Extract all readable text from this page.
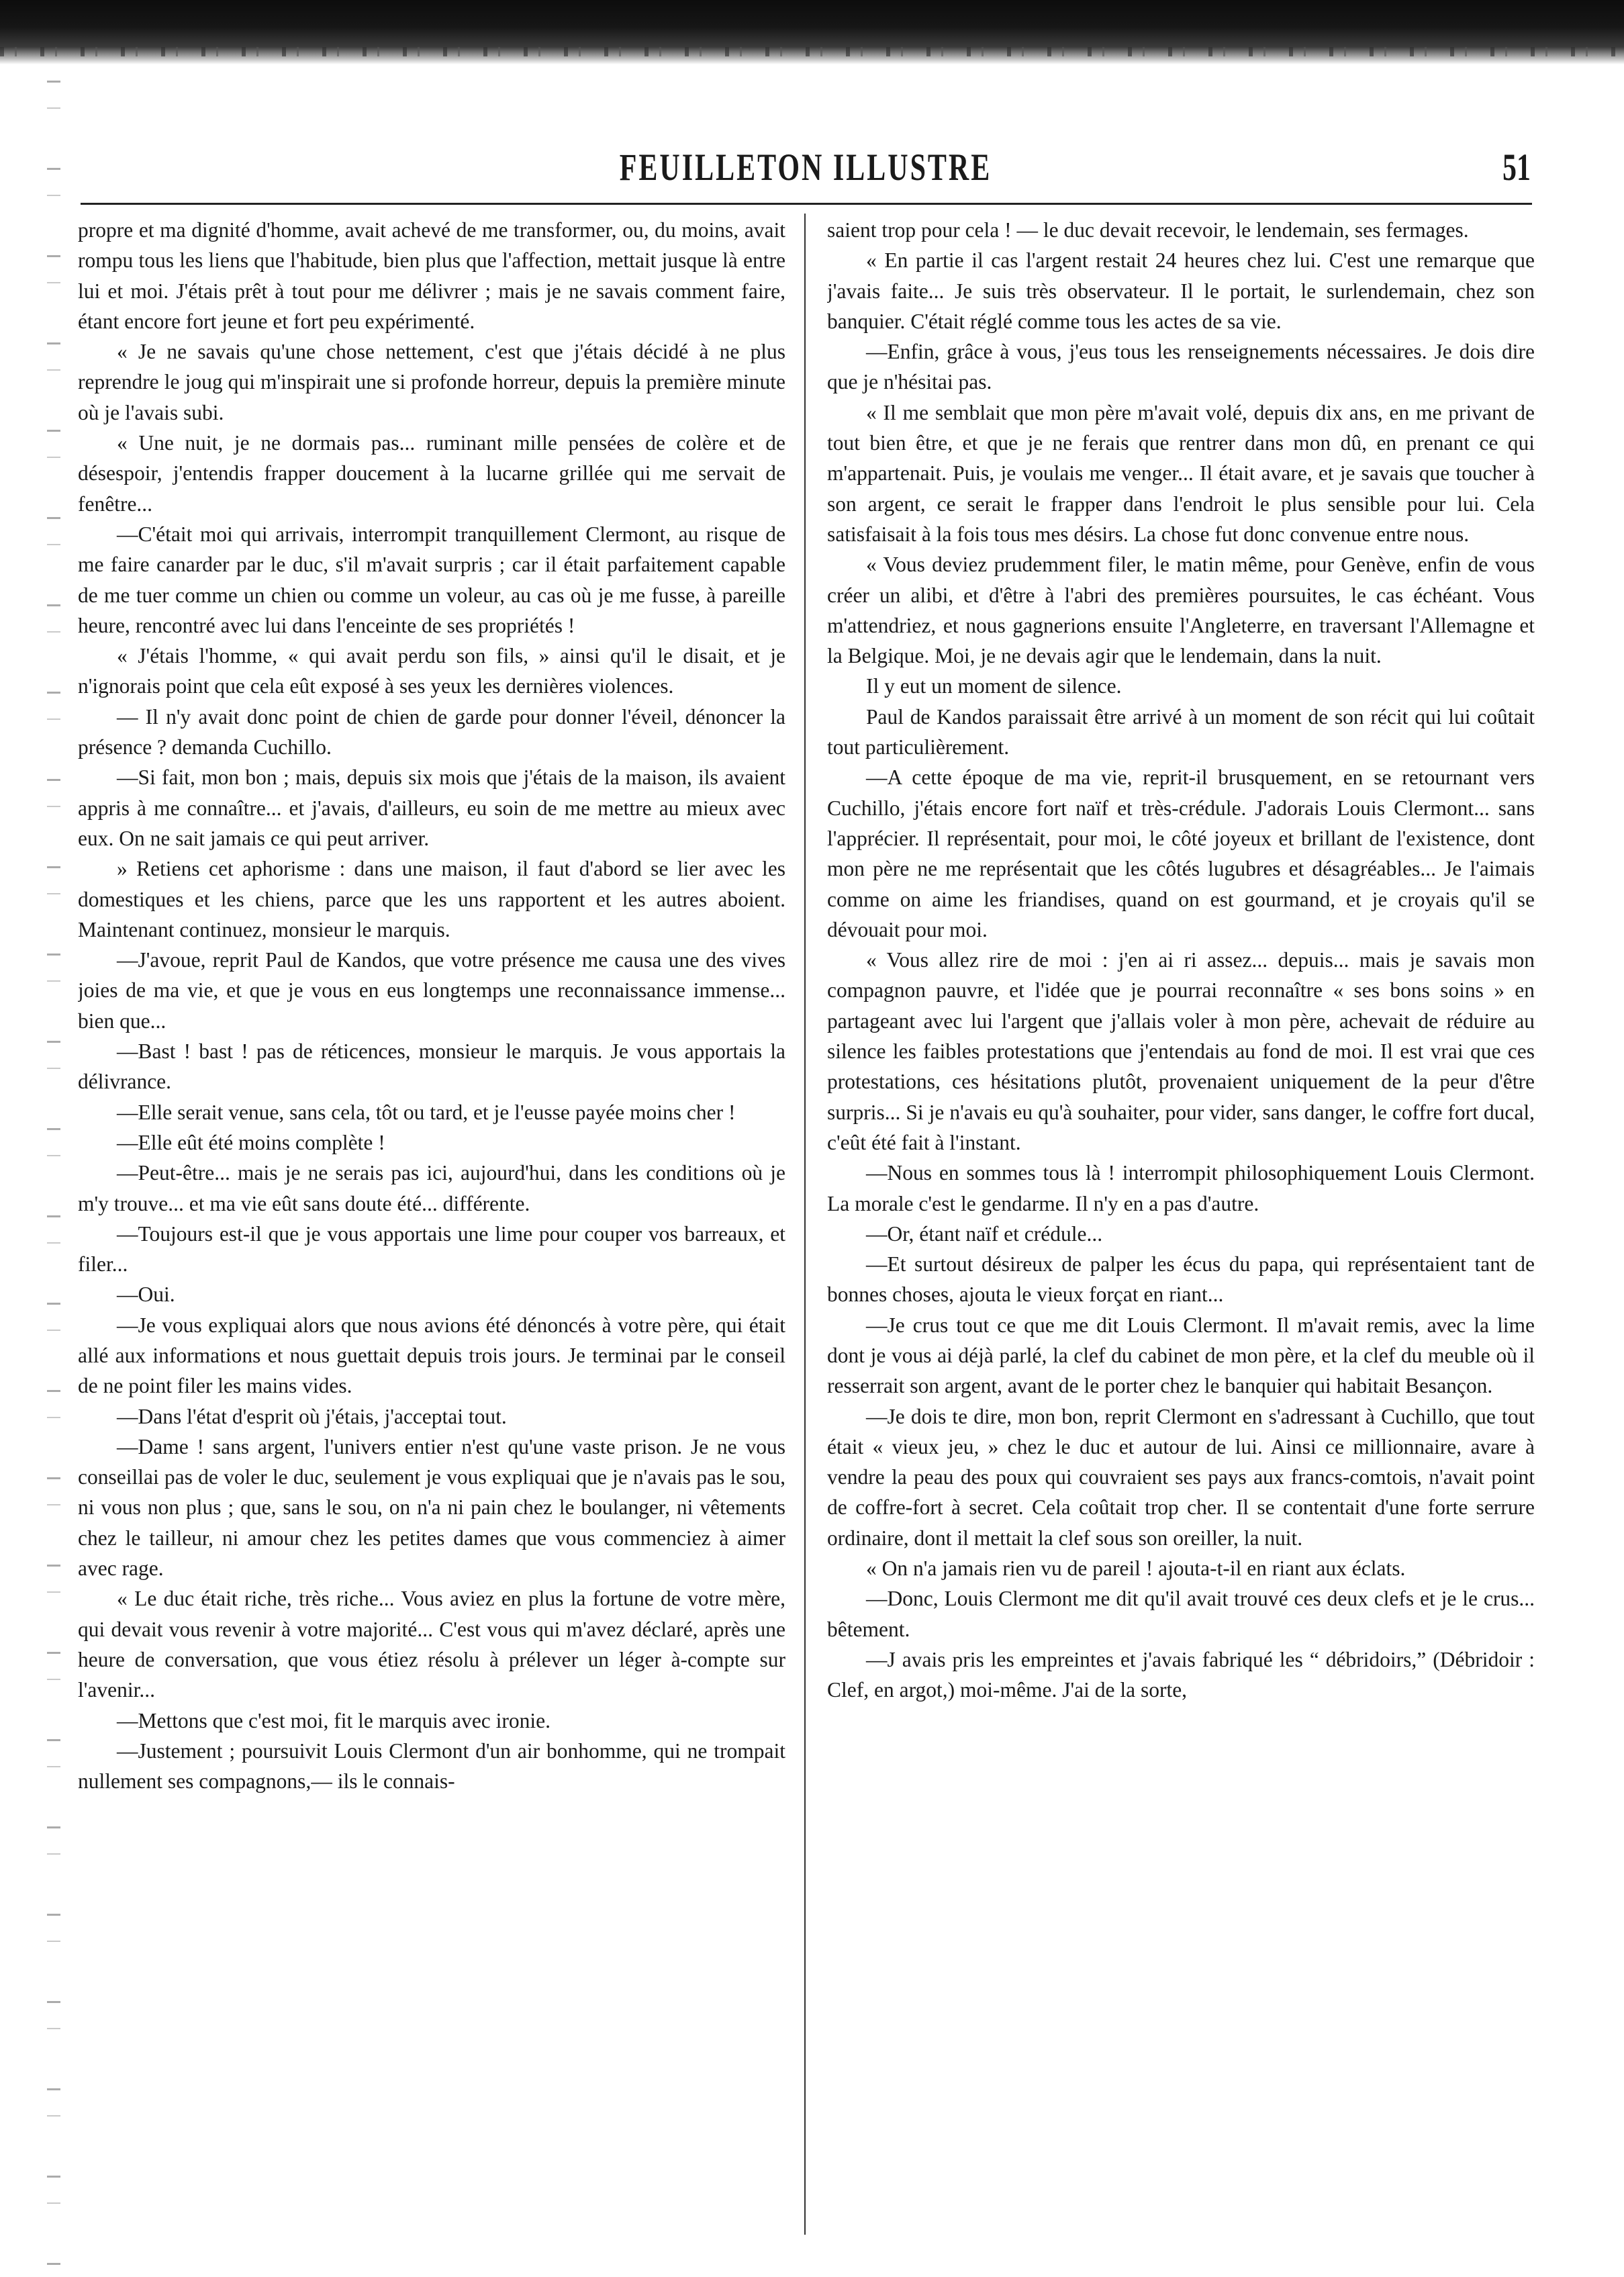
FEUILLETON ILLUSTRE	51

propre et ma dignité d'homme, avait achevé de me transformer, ou, du moins, avait rompu tous les liens que l'habitude, bien plus que l'affection, mettait jusque là entre lui et moi. J'étais prêt à tout pour me délivrer ; mais je ne savais comment faire, étant encore fort jeune et fort peu expérimenté.

« Je ne savais qu'une chose nettement, c'est que j'étais décidé à ne plus reprendre le joug qui m'inspirait une si profonde horreur, depuis la première minute où je l'avais subi.

« Une nuit, je ne dormais pas... ruminant mille pensées de colère et de désespoir, j'entendis frapper doucement à la lucarne grillée qui me servait de fenêtre...

—C'était moi qui arrivais, interrompit tranquillement Clermont, au risque de me faire canarder par le duc, s'il m'avait surpris ; car il était parfaitement capable de me tuer comme un chien ou comme un voleur, au cas où je me fusse, à pareille heure, rencontré avec lui dans l'enceinte de ses propriétés !

« J'étais l'homme, « qui avait perdu son fils, » ainsi qu'il le disait, et je n'ignorais point que cela eût exposé à ses yeux les dernières violences.

— Il n'y avait donc point de chien de garde pour donner l'éveil, dénoncer la présence ? demanda Cuchillo.

—Si fait, mon bon ; mais, depuis six mois que j'étais de la maison, ils avaient appris à me connaître... et j'avais, d'ailleurs, eu soin de me mettre au mieux avec eux. On ne sait jamais ce qui peut arriver.

» Retiens cet aphorisme : dans une maison, il faut d'abord se lier avec les domestiques et les chiens, parce que les uns rapportent et les autres aboient. Maintenant continuez, monsieur le marquis.

—J'avoue, reprit Paul de Kandos, que votre présence me causa une des vives joies de ma vie, et que je vous en eus longtemps une reconnaissance immense... bien que...

—Bast ! bast ! pas de réticences, monsieur le marquis. Je vous apportais la délivrance.

—Elle serait venue, sans cela, tôt ou tard, et je l'eusse payée moins cher !

—Elle eût été moins complète !

—Peut-être... mais je ne serais pas ici, aujourd'hui, dans les conditions où je m'y trouve... et ma vie eût sans doute été... différente.

—Toujours est-il que je vous apportais une lime pour couper vos barreaux, et filer...

—Oui.

—Je vous expliquai alors que nous avions été dénoncés à votre père, qui était allé aux informations et nous guettait depuis trois jours. Je terminai par le conseil de ne point filer les mains vides.

—Dans l'état d'esprit où j'étais, j'acceptai tout.

—Dame ! sans argent, l'univers entier n'est qu'une vaste prison. Je ne vous conseillai pas de voler le duc, seulement je vous expliquai que je n'avais pas le sou, ni vous non plus ; que, sans le sou, on n'a ni pain chez le boulanger, ni vêtements chez le tailleur, ni amour chez les petites dames que vous commenciez à aimer avec rage.

« Le duc était riche, très riche... Vous aviez en plus la fortune de votre mère, qui devait vous revenir à votre majorité... C'est vous qui m'avez déclaré, après une heure de conversation, que vous étiez résolu à prélever un léger à-compte sur l'avenir...

—Mettons que c'est moi, fit le marquis avec ironie.

—Justement ; poursuivit Louis Clermont d'un air bonhomme, qui ne trompait nullement ses compagnons,— ils le connais-

saient trop pour cela ! — le duc devait recevoir, le lendemain, ses fermages.

« En partie il cas l'argent restait 24 heures chez lui. C'est une remarque que j'avais faite... Je suis très observateur. Il le portait, le surlendemain, chez son banquier. C'était réglé comme tous les actes de sa vie.

—Enfin, grâce à vous, j'eus tous les renseignements nécessaires. Je dois dire que je n'hésitai pas.

« Il me semblait que mon père m'avait volé, depuis dix ans, en me privant de tout bien être, et que je ne ferais que rentrer dans mon dû, en prenant ce qui m'appartenait. Puis, je voulais me venger... Il était avare, et je savais que toucher à son argent, ce serait le frapper dans l'endroit le plus sensible pour lui. Cela satisfaisait à la fois tous mes désirs. La chose fut donc convenue entre nous.

« Vous deviez prudemment filer, le matin même, pour Genève, enfin de vous créer un alibi, et d'être à l'abri des premières poursuites, le cas échéant. Vous m'attendriez, et nous gagnerions ensuite l'Angleterre, en traversant l'Allemagne et la Belgique. Moi, je ne devais agir que le lendemain, dans la nuit.

Il y eut un moment de silence.

Paul de Kandos paraissait être arrivé à un moment de son récit qui lui coûtait tout particulièrement.

—A cette époque de ma vie, reprit-il brusquement, en se retournant vers Cuchillo, j'étais encore fort naïf et très-crédule. J'adorais Louis Clermont... sans l'apprécier. Il représentait, pour moi, le côté joyeux et brillant de l'existence, dont mon père ne me représentait que les côtés lugubres et désagréables... Je l'aimais comme on aime les friandises, quand on est gourmand, et je croyais qu'il se dévouait pour moi.

« Vous allez rire de moi : j'en ai ri assez... depuis... mais je savais mon compagnon pauvre, et l'idée que je pourrai reconnaître « ses bons soins » en partageant avec lui l'argent que j'allais voler à mon père, achevait de réduire au silence les faibles protestations que j'entendais au fond de moi. Il est vrai que ces protestations, ces hésitations plutôt, provenaient uniquement de la peur d'être surpris... Si je n'avais eu qu'à souhaiter, pour vider, sans danger, le coffre fort ducal, c'eût été fait à l'instant.

—Nous en sommes tous là ! interrompit philosophiquement Louis Clermont. La morale c'est le gendarme. Il n'y en a pas d'autre.

—Or, étant naïf et crédule...

—Et surtout désireux de palper les écus du papa, qui représentaient tant de bonnes choses, ajouta le vieux forçat en riant...

—Je crus tout ce que me dit Louis Clermont. Il m'avait remis, avec la lime dont je vous ai déjà parlé, la clef du cabinet de mon père, et la clef du meuble où il resserrait son argent, avant de le porter chez le banquier qui habitait Besançon.

—Je dois te dire, mon bon, reprit Clermont en s'adressant à Cuchillo, que tout était « vieux jeu, » chez le duc et autour de lui. Ainsi ce millionnaire, avare à vendre la peau des poux qui couvraient ses pays aux francs-comtois, n'avait point de coffre-fort à secret. Cela coûtait trop cher. Il se contentait d'une forte serrure ordinaire, dont il mettait la clef sous son oreiller, la nuit.

« On n'a jamais rien vu de pareil ! ajouta-t-il en riant aux éclats.

—Donc, Louis Clermont me dit qu'il avait trouvé ces deux clefs et je le crus... bêtement.

—J avais pris les empreintes et j'avais fabriqué les “ débridoirs,” (Débridoir : Clef, en argot,) moi-même. J'ai de la sorte,
